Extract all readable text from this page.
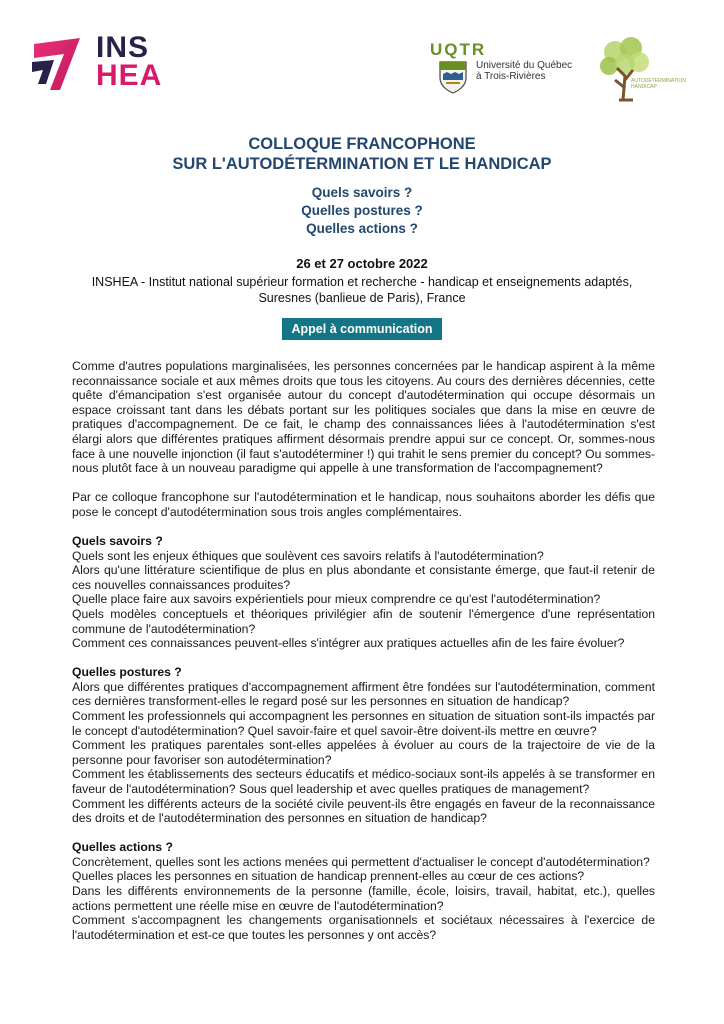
INS
HEA
UQTR
Université du Québec
à Trois-Rivières	AUTODÉTERMINATION
HANDICAP
COLLOQUE FRANCOPHONE
SUR L'AUTODÉTERMINATION ET LE HANDICAP
Quels savoirs ?
Quelles postures ?
Quelles actions ?
26 et 27 octobre 2022
INSHEA - Institut national supérieur formation et recherche - handicap et enseignements adaptés,
Suresnes (banlieue de Paris), France
Appel à communication

Comme d'autres populations marginalisées, les personnes concernées par le handicap aspirent à la même reconnaissance sociale et aux mêmes droits que tous les citoyens. Au cours des dernières décennies, cette quête d'émancipation s'est organisée autour du concept d'autodétermination qui occupe désormais un espace croissant tant dans les débats portant sur les politiques sociales que dans la mise en œuvre de pratiques d'accompagnement. De ce fait, le champ des connaissances liées à l'autodétermination s'est élargi alors que différentes pratiques affirment désormais prendre appui sur ce concept. Or, sommes-nous face à une nouvelle injonction (il faut s'autodéterminer !) qui trahit le sens premier du concept? Ou sommes-nous plutôt face à un nouveau paradigme qui appelle à une transformation de l'accompagnement?

Par ce colloque francophone sur l'autodétermination et le handicap, nous souhaitons aborder les défis que pose le concept d'autodétermination sous trois angles complémentaires.

Quels savoirs ?

Quels sont les enjeux éthiques que soulèvent ces savoirs relatifs à l'autodétermination?

Alors qu'une littérature scientifique de plus en plus abondante et consistante émerge, que faut-il retenir de ces nouvelles connaissances produites?

Quelle place faire aux savoirs expérientiels pour mieux comprendre ce qu'est l'autodétermination?

Quels modèles conceptuels et théoriques privilégier afin de soutenir l'émergence d'une représentation commune de l'autodétermination?

Comment ces connaissances peuvent-elles s'intégrer aux pratiques actuelles afin de les faire évoluer?

Quelles postures ?

Alors que différentes pratiques d'accompagnement affirment être fondées sur l'autodétermination, comment ces dernières transforment-elles le regard posé sur les personnes en situation de handicap?

Comment les professionnels qui accompagnent les personnes en situation de situation sont-ils impactés par le concept d'autodétermination? Quel savoir-faire et quel savoir-être doivent-ils mettre en œuvre?

Comment les pratiques parentales sont-elles appelées à évoluer au cours de la trajectoire de vie de la personne pour favoriser son autodétermination?

Comment les établissements des secteurs éducatifs et médico-sociaux sont-ils appelés à se transformer en faveur de l'autodétermination? Sous quel leadership et avec quelles pratiques de management?

Comment les différents acteurs de la société civile peuvent-ils être engagés en faveur de la reconnaissance des droits et de l'autodétermination des personnes en situation de handicap?

Quelles actions ?

Concrètement, quelles sont les actions menées qui permettent d'actualiser le concept d'autodétermination?

Quelles places les personnes en situation de handicap prennent-elles au cœur de ces actions?

Dans les différents environnements de la personne (famille, école, loisirs, travail, habitat, etc.), quelles actions permettent une réelle mise en œuvre de l'autodétermination?

Comment s'accompagnent les changements organisationnels et sociétaux nécessaires à l'exercice de l'autodétermination et est-ce que toutes les personnes y ont accès?
